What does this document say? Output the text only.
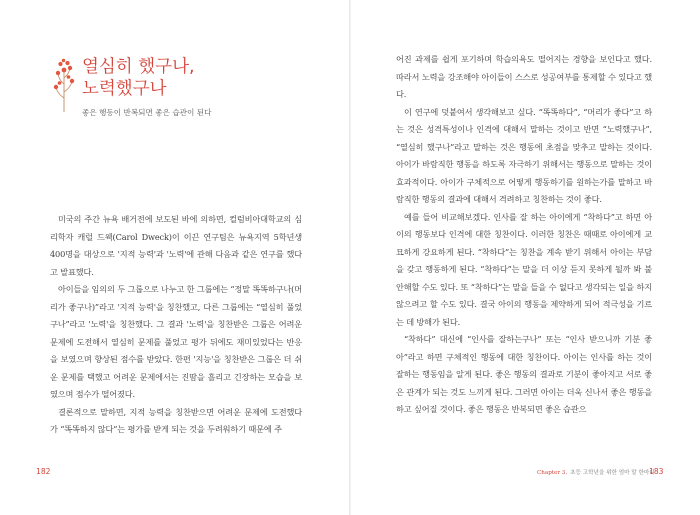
열심히 했구나,
노력했구나
좋은 행동이 반복되면 좋은 습관이 된다

미국의 주간 뉴욕 배거전에 보도된 바에 의하면, 컬럼비아대학교의 심리학자 캐럴 드웩(Carol Dweck)이 이끈 연구팀은 뉴욕지역 5학년생 400명을 대상으로 '지적 능력'과 '노력'에 관해 다음과 같은 연구를 했다고 발표했다.

아이들을 임의의 두 그룹으로 나누고 한 그룹에는 “정말 똑똑하구나(머리가 좋구나)”라고 '지적 능력'을 칭찬했고, 다른 그룹에는 “열심히 풀었구나”라고 '노력'을 칭찬했다. 그 결과 '노력'을 칭찬받은 그룹은 어려운 문제에 도전해서 열심히 문제를 풀었고 평가 뒤에도 재미있었다는 반응을 보였으며 향상된 점수를 받았다. 한편 '지능'을 칭찬받은 그룹은 더 쉬운 문제를 택했고 어려운 문제에서는 진땀을 흘리고 긴장하는 모습을 보였으며 점수가 떨어졌다.

결론적으로 말하면, 지적 능력을 칭찬받으면 어려운 문제에 도전했다가 “똑똑하지 않다”는 평가를 받게 되는 것을 두려워하기 때문에 주

182

어진 과제를 쉽게 포기하며 학습의욕도 떨어지는 경향을 보인다고 했다. 따라서 노력을 강조해야 아이들이 스스로 성공여부를 통제할 수 있다고 했다.

이 연구에 덧붙여서 생각해보고 싶다. “똑똑하다”, “머리가 좋다”고 하는 것은 성격특성이나 인격에 대해서 말하는 것이고 반면 “노력했구나”, “열심히 했구나”라고 말하는 것은 행동에 초점을 맞추고 말하는 것이다. 아이가 바람직한 행동을 하도록 자극하기 위해서는 행동으로 말하는 것이 효과적이다. 아이가 구체적으로 어떻게 행동하기를 원하는가를 말하고 바람직한 행동의 결과에 대해서 격려하고 칭찬하는 것이 좋다.

예를 들어 비교해보겠다. 인사를 잘 하는 아이에게 “착하다”고 하면 아이의 행동보다 인격에 대한 칭찬이다. 이러한 칭찬은 때때로 아이에게 교묘하게 강요하게 된다. “착하다”는 칭찬을 계속 받기 위해서 아이는 부담을 갖고 행동하게 된다. “착하다”는 말을 더 이상 듣지 못하게 될까 봐 불안해할 수도 있다. 또 “착하다”는 말을 들을 수 없다고 생각되는 일을 하지 않으려고 할 수도 있다. 결국 아이의 행동을 제약하게 되어 적극성을 기르는 데 방해가 된다.

“착하다” 대신에 “인사를 잘하는구나” 또는 “인사 받으니까 기분 좋아”라고 하면 구체적인 행동에 대한 칭찬이다. 아이는 인사를 하는 것이 잘하는 행동임을 알게 된다. 좋은 행동의 결과로 기분이 좋아지고 서로 좋은 관계가 되는 것도 느끼게 된다. 그러면 아이는 더욱 신나서 좋은 행동을 하고 싶어질 것이다. 좋은 행동은 반복되면 좋은 습관으

Chapter 3. 초등 고학년을 위한 엄마 말 한마디
183
